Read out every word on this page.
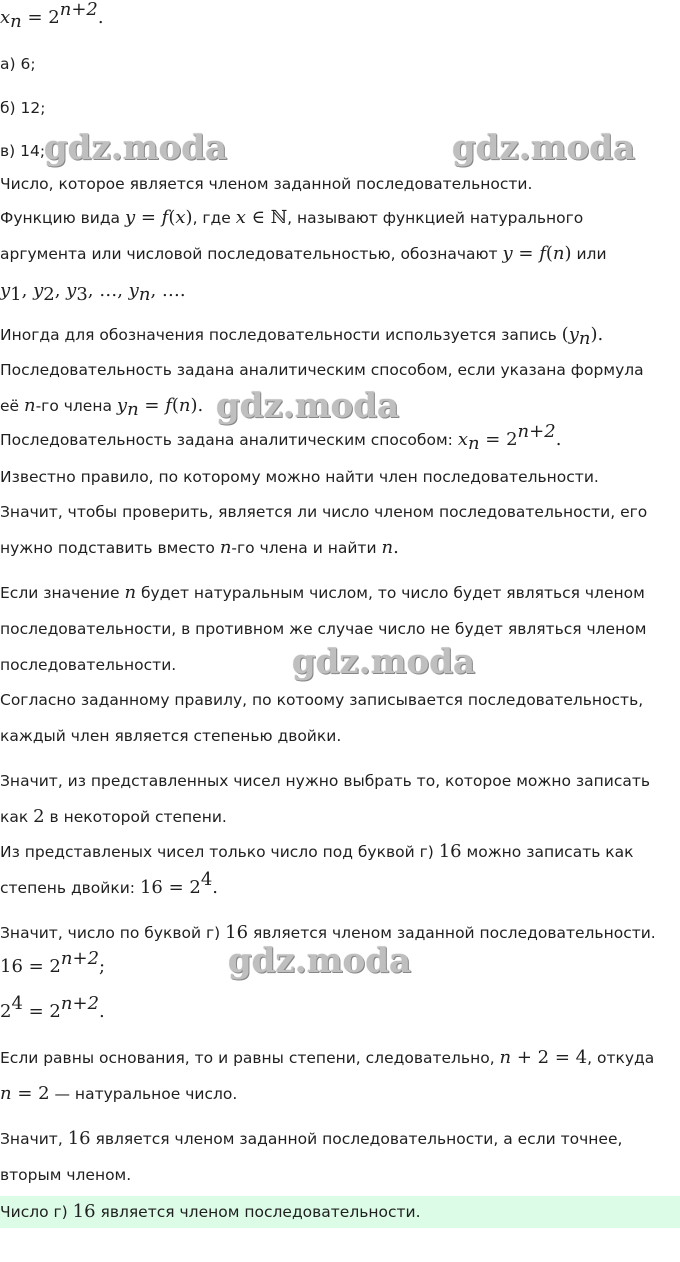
$x_n = 2^{n+2}$.
а) 6;
б) 12;
в) 14;
Число, которое является членом заданной последовательности.
Функцию вида y = f(x), где x ∈ ℕ, называют функцией натурального
аргумента или числовой последовательностью, обозначают y = f(n) или
$y_1$, $y_2$, $y_3$, …, $y_n$, ….
Иногда для обозначения последовательности используется запись $(y_n)$.
Последовательность задана аналитическим способом, если указана формула
её n-го члена $y_n = f(n)$.
Последовательность задана аналитическим способом: $x_n = 2^{n+2}$.
Известно правило, по которому можно найти член последовательности.
Значит, чтобы проверить, является ли число членом последовательности, его
нужно подставить вместо n-го члена и найти n.
Если значение n будет натуральным числом, то число будет являться членом
последовательности, в противном же случае число не будет являться членом
последовательности.
Согласно заданному правилу, по котоому записывается последовательность,
каждый член является степенью двойки.
Значит, из представленных чисел нужно выбрать то, которое можно записать
как 2 в некоторой степени.
Из представленых чисел только число под буквой г) 16 можно записать как
степень двойки: $16 = 2^4$.
Значит, число по буквой г) 16 является членом заданной последовательности.
$16 = 2^{n+2}$;
$2^4 = 2^{n+2}$.
Если равны основания, то и равны степени, следовательно, n + 2 = 4, откуда
n = 2 — натуральное число.
Значит, 16 является членом заданной последовательности, а если точнее,
вторым членом.
Число г) 16 является членом последовательности.
gdz.moda	gdz.moda
gdz.moda
gdz.moda
gdz.moda
